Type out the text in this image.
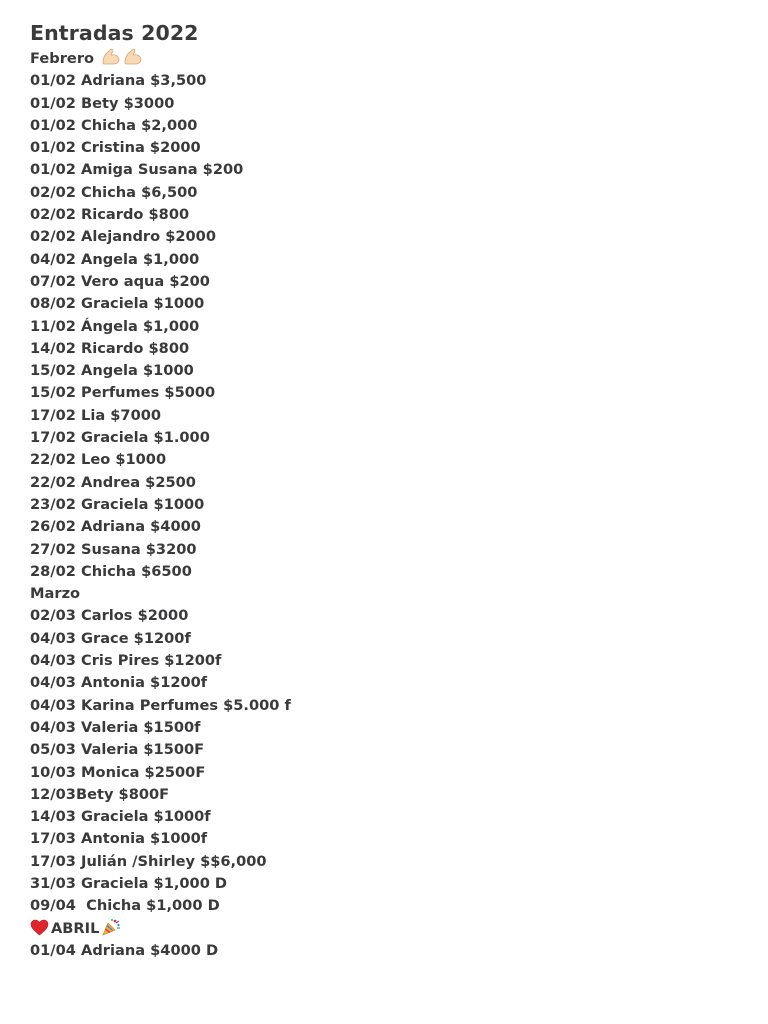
Entradas 2022
Febrero
01/02 Adriana $3,500
01/02 Bety $3000
01/02 Chicha $2,000
01/02 Cristina $2000
01/02 Amiga Susana $200
02/02 Chicha $6,500
02/02 Ricardo $800
02/02 Alejandro $2000
04/02 Angela $1,000
07/02 Vero aqua $200
08/02 Graciela $1000
11/02 Ángela $1,000
14/02 Ricardo $800
15/02 Angela $1000
15/02 Perfumes $5000
17/02 Lia $7000
17/02 Graciela $1.000
22/02 Leo $1000
22/02 Andrea $2500
23/02 Graciela $1000
26/02 Adriana $4000
27/02 Susana $3200
28/02 Chicha $6500
Marzo
02/03 Carlos $2000
04/03 Grace $1200f
04/03 Cris Pires $1200f
04/03 Antonia $1200f
04/03 Karina Perfumes $5.000 f
04/03 Valeria $1500f
05/03 Valeria $1500F
10/03 Monica $2500F
12/03Bety $800F
14/03 Graciela $1000f
17/03 Antonia $1000f
17/03 Julián /Shirley $$6,000
31/03 Graciela $1,000 D
09/04  Chicha $1,000 D
ABRIL
01/04 Adriana $4000 D
